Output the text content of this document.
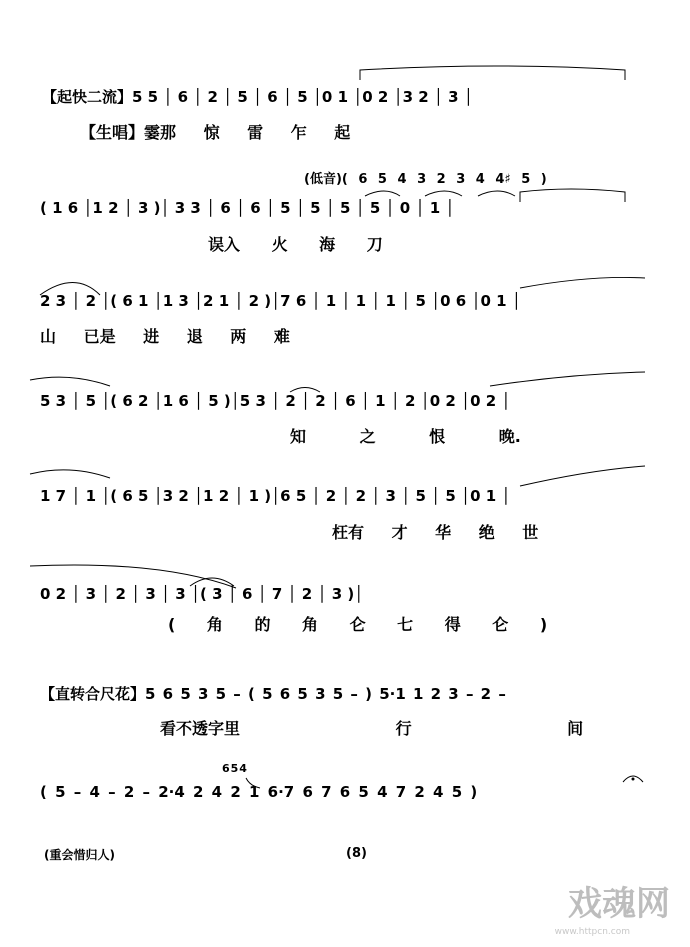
【起快二流】5 5 │ 6 │ 2 │ 5 │ 6 │ 5 │0 1 │0 2 │3 2 │ 3 │
【生唱】霎那 惊 雷 乍 起
(低音)( 6 5 4 3 2 3 4 4♯ 5 )
( 1 6 │1 2 │ 3 )│ 3 3 │ 6 │ 6 │ 5 │ 5 │ 5 │ 5 │ 0 │ 1 │
误入 火 海 刀
2 3 │ 2 │( 6 1 │1 3 │2 1 │ 2 )│7 6 │ 1 │ 1 │ 1 │ 5 │0 6 │0 1 │
山 已是 进 退 两 难
5 3 │ 5 │( 6 2 │1 6 │ 5 )│5 3 │ 2 │ 2 │ 6 │ 1 │ 2 │0 2 │0 2 │
知 之 恨 晚.
1 7 │ 1 │( 6 5 │3 2 │1 2 │ 1 )│6 5 │ 2 │ 2 │ 3 │ 5 │ 5 │0 1 │
枉有 才 华 绝 世
0 2 │ 3 │ 2 │ 3 │ 3 │( 3 │ 6 │ 7 │ 2 │ 3 )│
( 角 的 角 仑 七 得 仑 )
【直转合尺花】5 6 5 3 5 – ( 5 6 5 3 5 – ) 5·1 1 2 3 – 2 –
看不透字里 行 间
654
( 5 – 4 – 2 – 2·4 2 4 2 1 6·7 6 7 6 5 4 7 2 4 5 )
(重会惜归人)	(8)
戏魂网
www.httpcn.com
